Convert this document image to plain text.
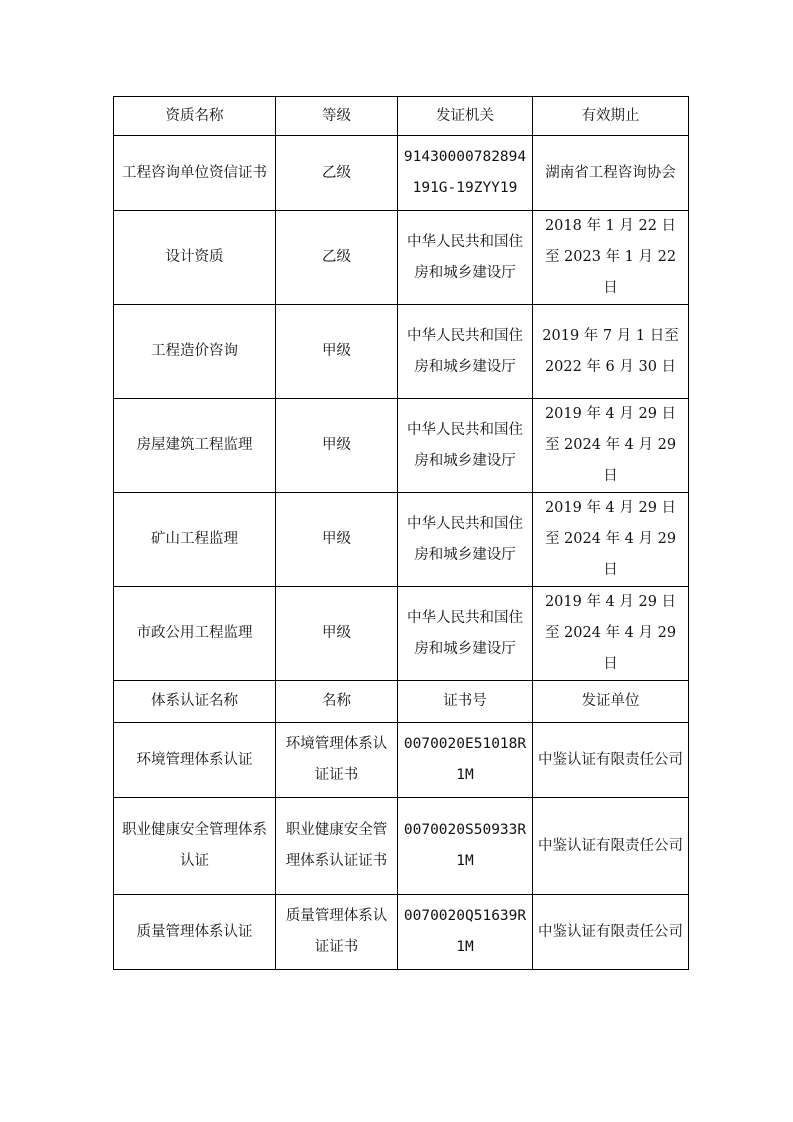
资质名称	等级	发证机关	有效期止
工程咨询单位资信证书	乙级	91430000782894191G-19ZYY19	湖南省工程咨询协会
设计资质	乙级	中华人民共和国住房和城乡建设厅	2018 年 1 月 22 日至 2023 年 1 月 22 日
工程造价咨询	甲级	中华人民共和国住房和城乡建设厅	2019 年 7 月 1 日至 2022 年 6 月 30 日
房屋建筑工程监理	甲级	中华人民共和国住房和城乡建设厅	2019 年 4 月 29 日至 2024 年 4 月 29 日
矿山工程监理	甲级	中华人民共和国住房和城乡建设厅	2019 年 4 月 29 日至 2024 年 4 月 29 日
市政公用工程监理	甲级	中华人民共和国住房和城乡建设厅	2019 年 4 月 29 日至 2024 年 4 月 29 日
体系认证名称	名称	证书号	发证单位
环境管理体系认证	环境管理体系认证证书	0070020E51018R1M	中鉴认证有限责任公司
职业健康安全管理体系认证	职业健康安全管理体系认证证书	0070020S50933R1M	中鉴认证有限责任公司
质量管理体系认证	质量管理体系认证证书	0070020Q51639R1M	中鉴认证有限责任公司
